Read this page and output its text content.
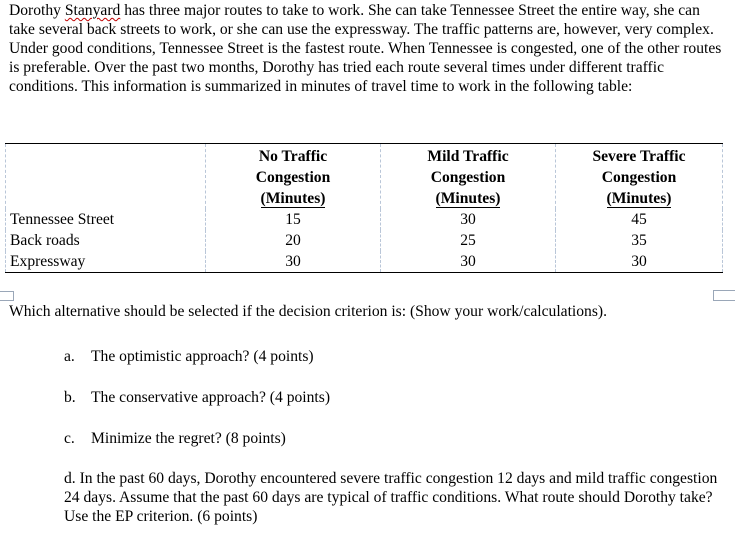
Dorothy Stanyard has three major routes to take to work. She can take Tennessee Street the entire way, she can take several back streets to work, or she can use the expressway. The traffic patterns are, however, very complex. Under good conditions, Tennessee Street is the fastest route. When Tennessee is congested, one of the other routes is preferable. Over the past two months, Dorothy has tried each route several times under different traffic conditions. This information is summarized in minutes of travel time to work in the following table:

	No Traffic
Congestion
(Minutes)	Mild Traffic
Congestion
(Minutes)	Severe Traffic
Congestion
(Minutes)

Tennessee Street	15	30	45
Back roads	20	25	35
Expressway	30	30	30

Which alternative should be selected if the decision criterion is: (Show your work/calculations).

a. The optimistic approach? (4 points)

b. The conservative approach? (4 points)

c. Minimize the regret? (8 points)

d. In the past 60 days, Dorothy encountered severe traffic congestion 12 days and mild traffic congestion 24 days. Assume that the past 60 days are typical of traffic conditions. What route should Dorothy take? Use the EP criterion. (6 points)
